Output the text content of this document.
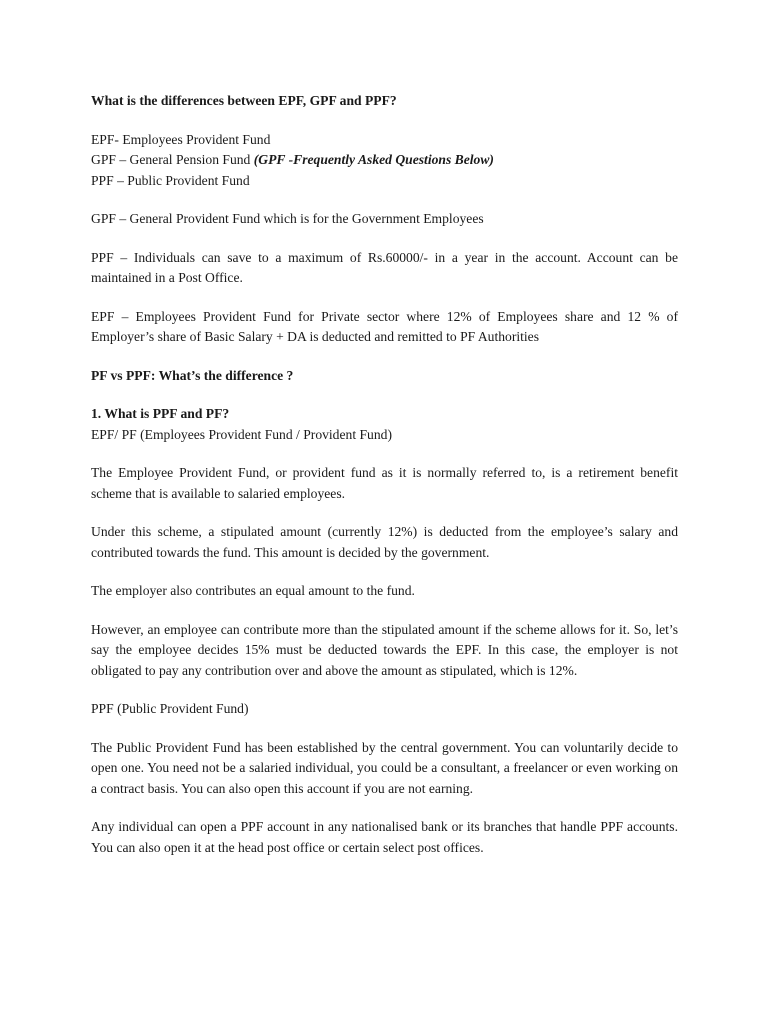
What is the differences between EPF, GPF and PPF?

EPF- Employees Provident Fund
GPF – General Pension Fund (GPF -Frequently Asked Questions Below)
PPF – Public Provident Fund

GPF – General Provident Fund which is for the Government Employees

PPF – Individuals can save to a maximum of Rs.60000/- in a year in the account. Account can be maintained in a Post Office.

EPF – Employees Provident Fund for Private sector where 12% of Employees share and 12 % of Employer’s share of Basic Salary + DA is deducted and remitted to PF Authorities

PF vs PPF: What’s the difference ?

1. What is PPF and PF?

EPF/ PF (Employees Provident Fund / Provident Fund)

The Employee Provident Fund, or provident fund as it is normally referred to, is a retirement benefit scheme that is available to salaried employees.

Under this scheme, a stipulated amount (currently 12%) is deducted from the employee’s salary and contributed towards the fund. This amount is decided by the government.

The employer also contributes an equal amount to the fund.

However, an employee can contribute more than the stipulated amount if the scheme allows for it. So, let’s say the employee decides 15% must be deducted towards the EPF. In this case, the employer is not obligated to pay any contribution over and above the amount as stipulated, which is 12%.

PPF (Public Provident Fund)

The Public Provident Fund has been established by the central government. You can voluntarily decide to open one. You need not be a salaried individual, you could be a consultant, a freelancer or even working on a contract basis. You can also open this account if you are not earning.

Any individual can open a PPF account in any nationalised bank or its branches that handle PPF accounts. You can also open it at the head post office or certain select post offices.
